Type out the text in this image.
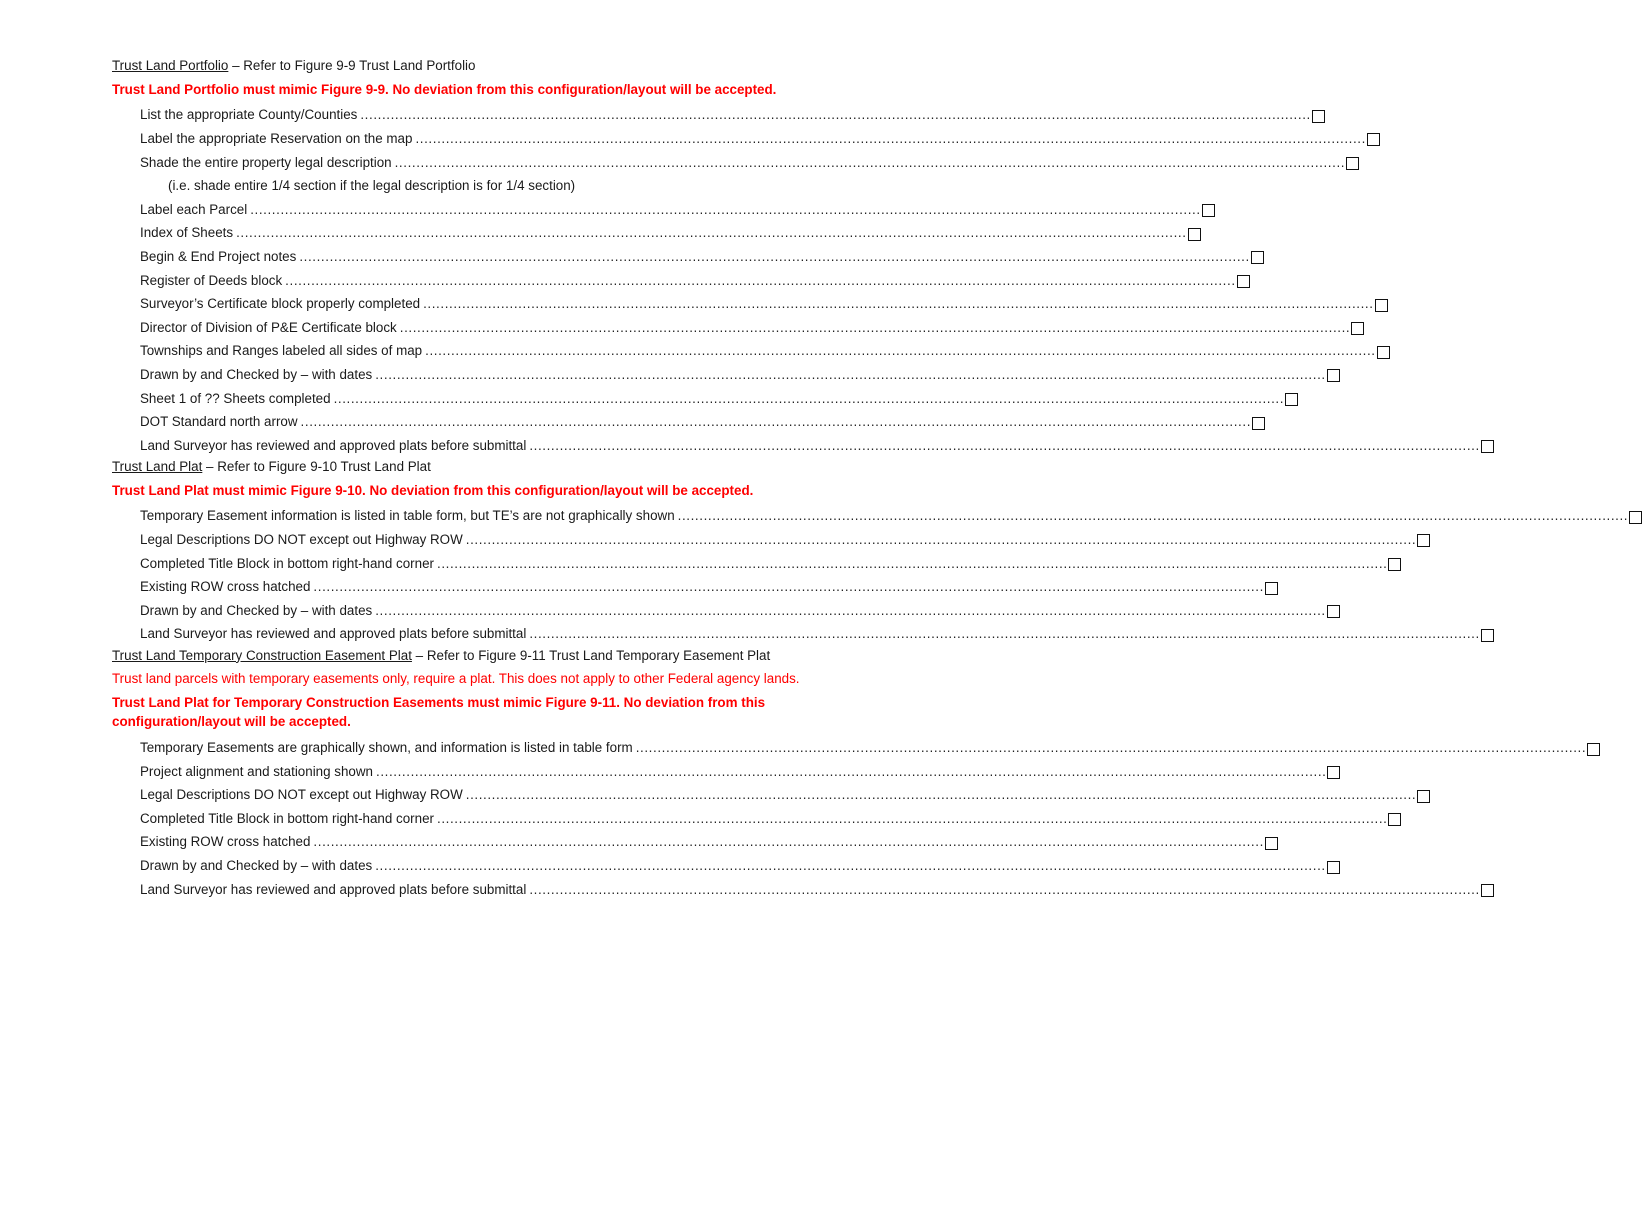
Trust Land Portfolio – Refer to Figure 9-9 Trust Land Portfolio
Trust Land Portfolio must mimic Figure 9-9. No deviation from this configuration/layout will be accepted.
List the appropriate County/Counties ............................................................................................................................................................................................................................
Label the appropriate Reservation on the map ............................................................................................................................................................................................................................
Shade the entire property legal description ............................................................................................................................................................................................................................
(i.e. shade entire 1/4 section if the legal description is for 1/4 section)
Label each Parcel ............................................................................................................................................................................................................................
Index of Sheets ............................................................................................................................................................................................................................
Begin & End Project notes ............................................................................................................................................................................................................................
Register of Deeds block ............................................................................................................................................................................................................................
Surveyor’s Certificate block properly completed ............................................................................................................................................................................................................................
Director of Division of P&E Certificate block ............................................................................................................................................................................................................................
Townships and Ranges labeled all sides of map ............................................................................................................................................................................................................................
Drawn by and Checked by – with dates ............................................................................................................................................................................................................................
Sheet 1 of ?? Sheets completed ............................................................................................................................................................................................................................
DOT Standard north arrow ............................................................................................................................................................................................................................
Land Surveyor has reviewed and approved plats before submittal ............................................................................................................................................................................................................................
Trust Land Plat – Refer to Figure 9-10 Trust Land Plat
Trust Land Plat must mimic Figure 9-10. No deviation from this configuration/layout will be accepted.
Temporary Easement information is listed in table form, but TE’s are not graphically shown ............................................................................................................................................................................................................................
Legal Descriptions DO NOT except out Highway ROW ............................................................................................................................................................................................................................
Completed Title Block in bottom right-hand corner ............................................................................................................................................................................................................................
Existing ROW cross hatched ............................................................................................................................................................................................................................
Drawn by and Checked by – with dates ............................................................................................................................................................................................................................
Land Surveyor has reviewed and approved plats before submittal ............................................................................................................................................................................................................................
Trust Land Temporary Construction Easement Plat – Refer to Figure 9-11 Trust Land Temporary Easement Plat
Trust land parcels with temporary easements only, require a plat. This does not apply to other Federal agency lands.
Trust Land Plat for Temporary Construction Easements must mimic Figure 9-11. No deviation from this configuration/layout will be accepted.
Temporary Easements are graphically shown, and information is listed in table form ............................................................................................................................................................................................................................
Project alignment and stationing shown ............................................................................................................................................................................................................................
Legal Descriptions DO NOT except out Highway ROW ............................................................................................................................................................................................................................
Completed Title Block in bottom right-hand corner ............................................................................................................................................................................................................................
Existing ROW cross hatched ............................................................................................................................................................................................................................
Drawn by and Checked by – with dates ............................................................................................................................................................................................................................
Land Surveyor has reviewed and approved plats before submittal ............................................................................................................................................................................................................................
